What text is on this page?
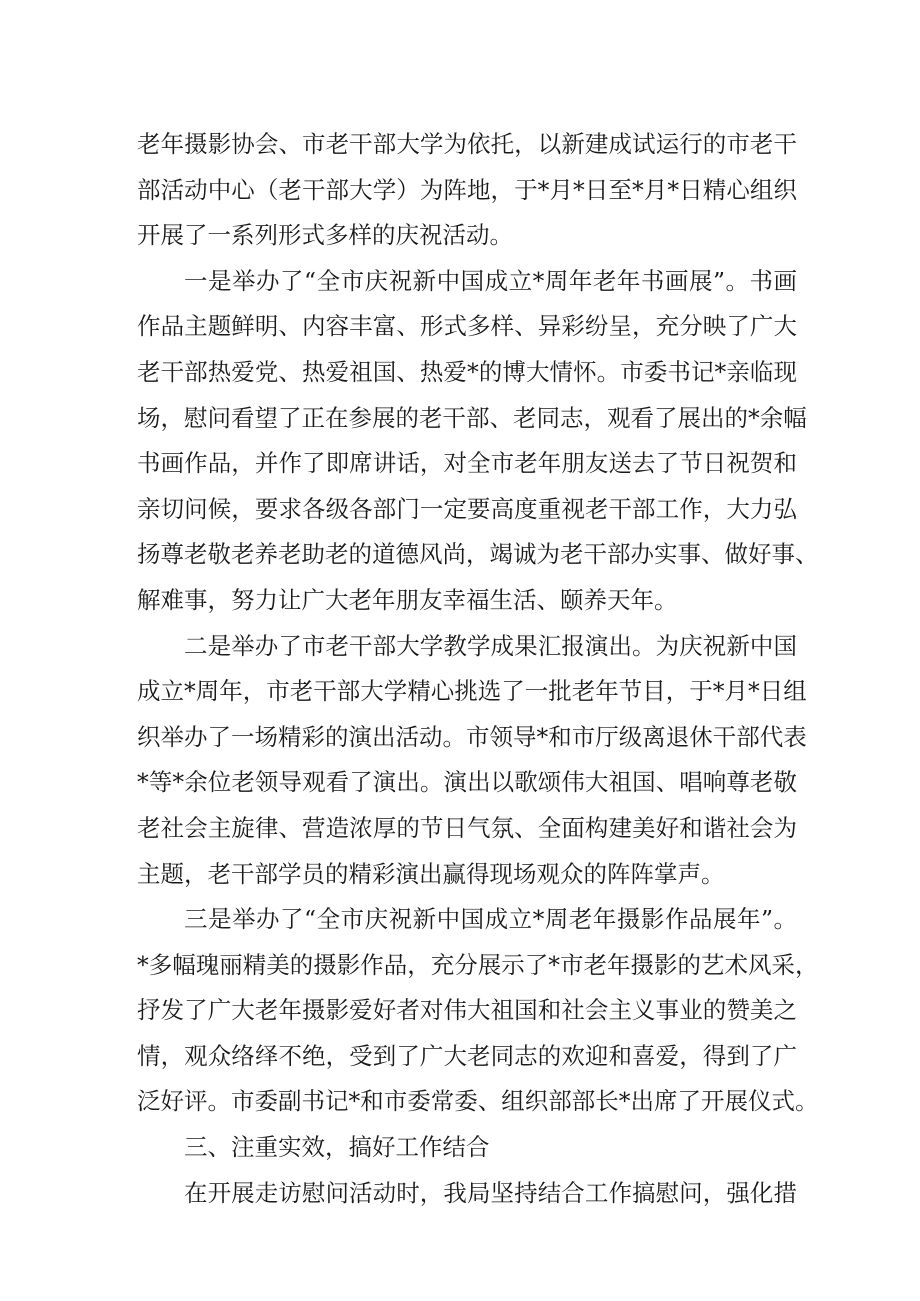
老年摄影协会、市老干部大学为依托，以新建成试运行的市老干
部活动中心（老干部大学）为阵地，于*月*日至*月*日精心组织
开展了一系列形式多样的庆祝活动。
一是举办了“全市庆祝新中国成立*周年老年书画展”。书画
作品主题鲜明、内容丰富、形式多样、异彩纷呈，充分映了广大
老干部热爱党、热爱祖国、热爱*的博大情怀。市委书记*亲临现
场，慰问看望了正在参展的老干部、老同志，观看了展出的*余幅
书画作品，并作了即席讲话，对全市老年朋友送去了节日祝贺和
亲切问候，要求各级各部门一定要高度重视老干部工作，大力弘
扬尊老敬老养老助老的道德风尚，竭诚为老干部办实事、做好事、
解难事，努力让广大老年朋友幸福生活、颐养天年。
二是举办了市老干部大学教学成果汇报演出。为庆祝新中国
成立*周年，市老干部大学精心挑选了一批老年节目，于*月*日组
织举办了一场精彩的演出活动。市领导*和市厅级离退休干部代表
*等*余位老领导观看了演出。演出以歌颂伟大祖国、唱响尊老敬
老社会主旋律、营造浓厚的节日气氛、全面构建美好和谐社会为
主题，老干部学员的精彩演出赢得现场观众的阵阵掌声。
三是举办了“全市庆祝新中国成立*周老年摄影作品展年”。
*多幅瑰丽精美的摄影作品，充分展示了*市老年摄影的艺术风采，
抒发了广大老年摄影爱好者对伟大祖国和社会主义事业的赞美之
情，观众络绎不绝，受到了广大老同志的欢迎和喜爱，得到了广
泛好评。市委副书记*和市委常委、组织部部长*出席了开展仪式。
三、注重实效，搞好工作结合
在开展走访慰问活动时，我局坚持结合工作搞慰问，强化措
